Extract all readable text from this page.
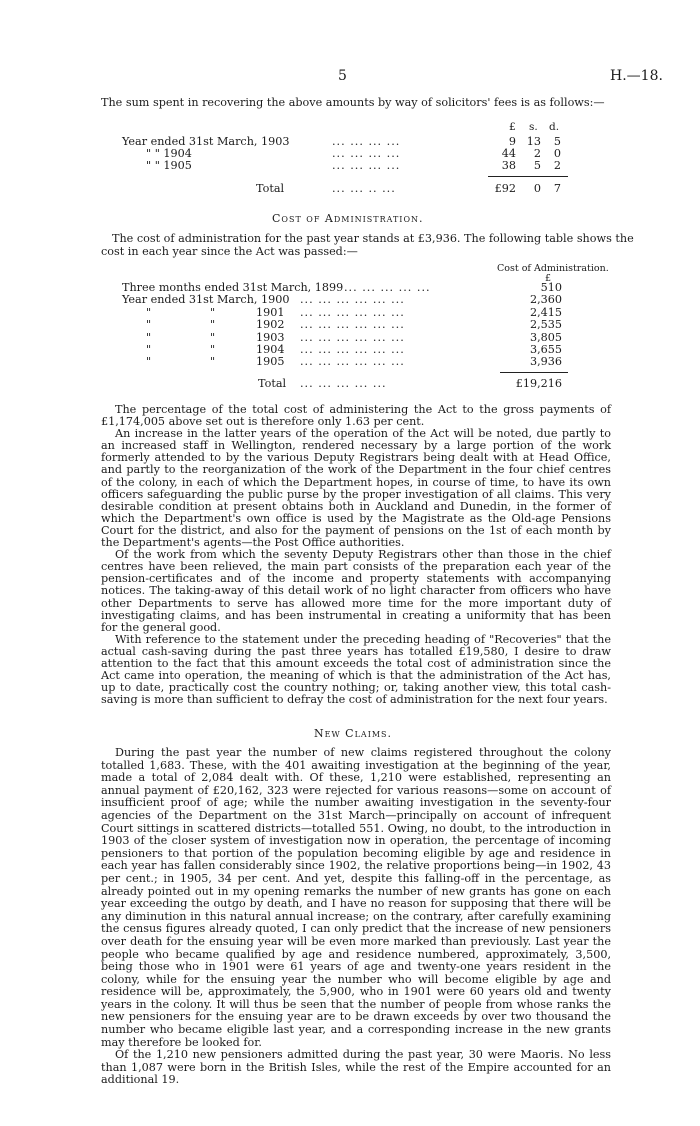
5	H.—18.
The sum spent in recovering the above amounts by way of solicitors' fees is as follows:—
£ s. d.
Year ended 31st March, 1903	... ... ... ...	9 13	5
" " 1904	... ... ... ...	44	2	0
" " 1905	... ... ... ...	38	5	2
Total	... ... .. ...	£92	0	7
Cost of Administration.
The cost of administration for the past year stands at £3,936. The following table shows the
cost in each year since the Act was passed:—
Cost of Administration.
£
Three months ended 31st March, 1899 ... ... ... ... ...	510
Year ended 31st March, 1900 ... ... ... ... ... ...	2,360
"	"	1901 ... ... ... ... ... ...	2,415
"	"	1902 ... ... ... ... ... ...	2,535
"	"	1903 ... ... ... ... ... ...	3,805
"	"	1904 ... ... ... ... ... ...	3,655
"	"	1905 ... ... ... ... ... ...	3,936
Total ... ... ... ... ...	£19,216

The percentage of the total cost of administering the Act to the gross payments of £1,174,005 above set out is therefore only 1.63 per cent.

An increase in the latter years of the operation of the Act will be noted, due partly to an increased staff in Wellington, rendered necessary by a large portion of the work formerly attended to by the various Deputy Registrars being dealt with at Head Office, and partly to the reorganization of the work of the Department in the four chief centres of the colony, in each of which the Department hopes, in course of time, to have its own officers safeguarding the public purse by the proper investigation of all claims. This very desirable condition at present obtains both in Auckland and Dunedin, in the former of which the Department's own office is used by the Magistrate as the Old-age Pensions Court for the district, and also for the payment of pensions on the 1st of each month by the Department's agents—the Post Office authorities.

Of the work from which the seventy Deputy Registrars other than those in the chief centres have been relieved, the main part consists of the preparation each year of the pension-certificates and of the income and property statements with accompanying notices. The taking-away of this detail work of no light character from officers who have other Departments to serve has allowed more time for the more important duty of investigating claims, and has been instrumental in creating a uniformity that has been for the general good.

With reference to the statement under the preceding heading of "Recoveries" that the actual cash-saving during the past three years has totalled £19,580, I desire to draw attention to the fact that this amount exceeds the total cost of administration since the Act came into operation, the meaning of which is that the administration of the Act has, up to date, practically cost the country nothing; or, taking another view, this total cash-saving is more than sufficient to defray the cost of administration for the next four years.

New Claims.

During the past year the number of new claims registered throughout the colony totalled 1,683. These, with the 401 awaiting investigation at the beginning of the year, made a total of 2,084 dealt with. Of these, 1,210 were established, representing an annual payment of £20,162, 323 were rejected for various reasons—some on account of insufficient proof of age; while the number awaiting investigation in the seventy-four agencies of the Department on the 31st March—principally on account of infrequent Court sittings in scattered districts—totalled 551. Owing, no doubt, to the introduction in 1903 of the closer system of investigation now in operation, the percentage of incoming pensioners to that portion of the population becoming eligible by age and residence in each year has fallen considerably since 1902, the relative proportions being—in 1902, 43 per cent.; in 1905, 34 per cent. And yet, despite this falling-off in the percentage, as already pointed out in my opening remarks the number of new grants has gone on each year exceeding the outgo by death, and I have no reason for supposing that there will be any diminution in this natural annual increase; on the contrary, after carefully examining the census figures already quoted, I can only predict that the increase of new pensioners over death for the ensuing year will be even more marked than previously. Last year the people who became qualified by age and residence numbered, approximately, 3,500, being those who in 1901 were 61 years of age and twenty-one years resident in the colony, while for the ensuing year the number who will become eligible by age and residence will be, approximately, the 5,900, who in 1901 were 60 years old and twenty years in the colony. It will thus be seen that the number of people from whose ranks the new pensioners for the ensuing year are to be drawn exceeds by over two thousand the number who became eligible last year, and a corresponding increase in the new grants may therefore be looked for.

Of the 1,210 new pensioners admitted during the past year, 30 were Maoris. No less than 1,087 were born in the British Isles, while the rest of the Empire accounted for an additional 19.
